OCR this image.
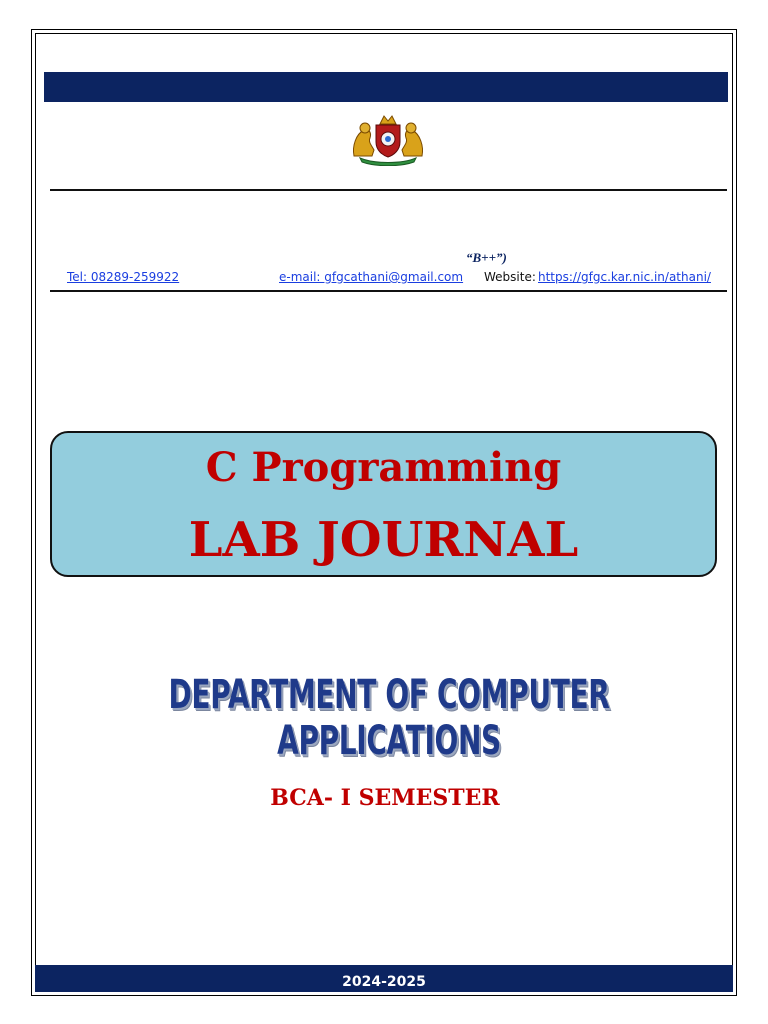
“B++”)
Tel: 08289-259922	e-mail: gfgcathani@gmail.com Website: https://gfgc.kar.nic.in/athani/
C Programming
LAB JOURNAL
DEPARTMENT OF COMPUTER APPLICATIONS
BCA- I SEMESTER
2024-2025
